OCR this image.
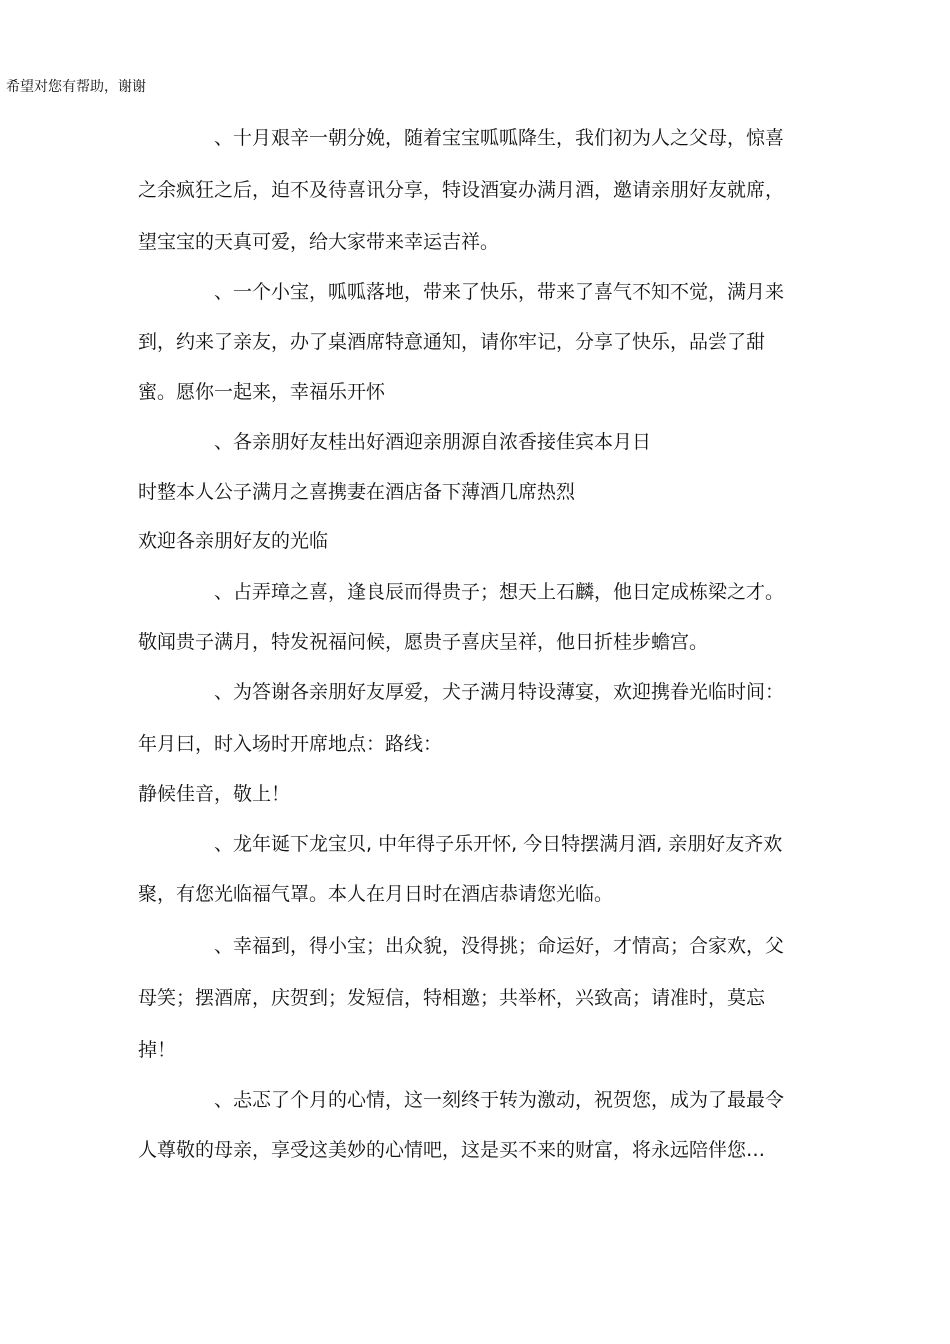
希望对您有帮助，谢谢
、十月艰辛一朝分娩，随着宝宝呱呱降生，我们初为人之父母，惊喜
之余疯狂之后，迫不及待喜讯分享，特设酒宴办满月酒，邀请亲朋好友就席，
望宝宝的天真可爱，给大家带来幸运吉祥。
、一个小宝，呱呱落地，带来了快乐，带来了喜气不知不觉，满月来
到，约来了亲友，办了桌酒席特意通知，请你牢记，分享了快乐，品尝了甜
蜜。愿你一起来，幸福乐开怀
、各亲朋好友桂出好酒迎亲朋源自浓香接佳宾本月日
时整本人公子满月之喜携妻在酒店备下薄酒几席热烈
欢迎各亲朋好友的光临
、占弄璋之喜，逢良辰而得贵子；想天上石麟，他日定成栋梁之才。
敬闻贵子满月，特发祝福问候，愿贵子喜庆呈祥，他日折桂步蟾宫。
、为答谢各亲朋好友厚爱，犬子满月特设薄宴，欢迎携眷光临时间：
年月曰，时入场时开席地点：路线：
静候佳音，敬上！
、龙年诞下龙宝贝, 中年得子乐开怀, 今日特摆满月酒, 亲朋好友齐欢
聚，有您光临福气罩。本人在月日时在酒店恭请您光临。
、幸福到，得小宝；出众貌，没得挑；命运好，才情高；合家欢，父
母笑；摆酒席，庆贺到；发短信，特相邀；共举杯，兴致高；请准时，莫忘
掉！
、忐忑了个月的心情，这一刻终于转为激动，祝贺您，成为了最最令
人尊敬的母亲，享受这美妙的心情吧，这是买不来的财富，将永远陪伴您…
